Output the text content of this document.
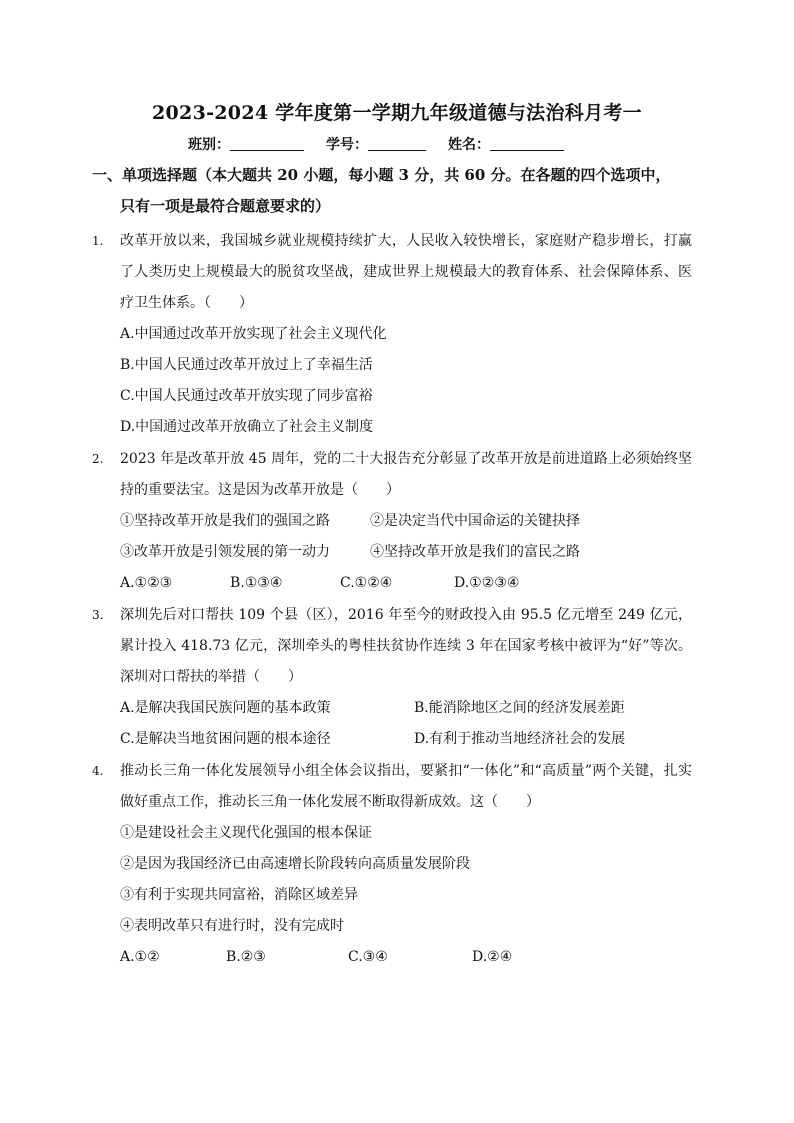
2023-2024 学年度第一学期九年级道德与法治科月考一
班别：	学号：	姓名：
一、单项选择题（本大题共 20 小题，每小题 3 分，共 60 分。在各题的四个选项中，
只有一项是最符合题意要求的）
1.	改革开放以来，我国城乡就业规模持续扩大，人民收入较快增长，家庭财产稳步增长，打赢了人类历史上规模最大的脱贫攻坚战，建成世界上规模最大的教育体系、社会保障体系、医疗卫生体系。（　　）
A.中国通过改革开放实现了社会主义现代化
B.中国人民通过改革开放过上了幸福生活
C.中国人民通过改革开放实现了同步富裕
D.中国通过改革开放确立了社会主义制度
2.	2023 年是改革开放 45 周年，党的二十大报告充分彰显了改革开放是前进道路上必须始终坚持的重要法宝。这是因为改革开放是（　　）
①坚持改革开放是我们的强国之路	②是决定当代中国命运的关键抉择
③改革开放是引领发展的第一动力	④坚持改革开放是我们的富民之路
A.①②③	B.①③④	C.①②④	D.①②③④
3.	深圳先后对口帮扶 109 个县（区），2016 年至今的财政投入由 95.5 亿元增至 249 亿元，累计投入 418.73 亿元，深圳牵头的粤桂扶贫协作连续 3 年在国家考核中被评为“好”等次。深圳对口帮扶的举措（　　）
A.是解决我国民族问题的基本政策	B.能消除地区之间的经济发展差距
C.是解决当地贫困问题的根本途径	D.有利于推动当地经济社会的发展
4.	推动长三角一体化发展领导小组全体会议指出，要紧扣“一体化”和“高质量”两个关键，扎实做好重点工作，推动长三角一体化发展不断取得新成效。这（　　）
①是建设社会主义现代化强国的根本保证
②是因为我国经济已由高速增长阶段转向高质量发展阶段
③有利于实现共同富裕，消除区域差异
④表明改革只有进行时，没有完成时
A.①②	B.②③	C.③④	D.②④
